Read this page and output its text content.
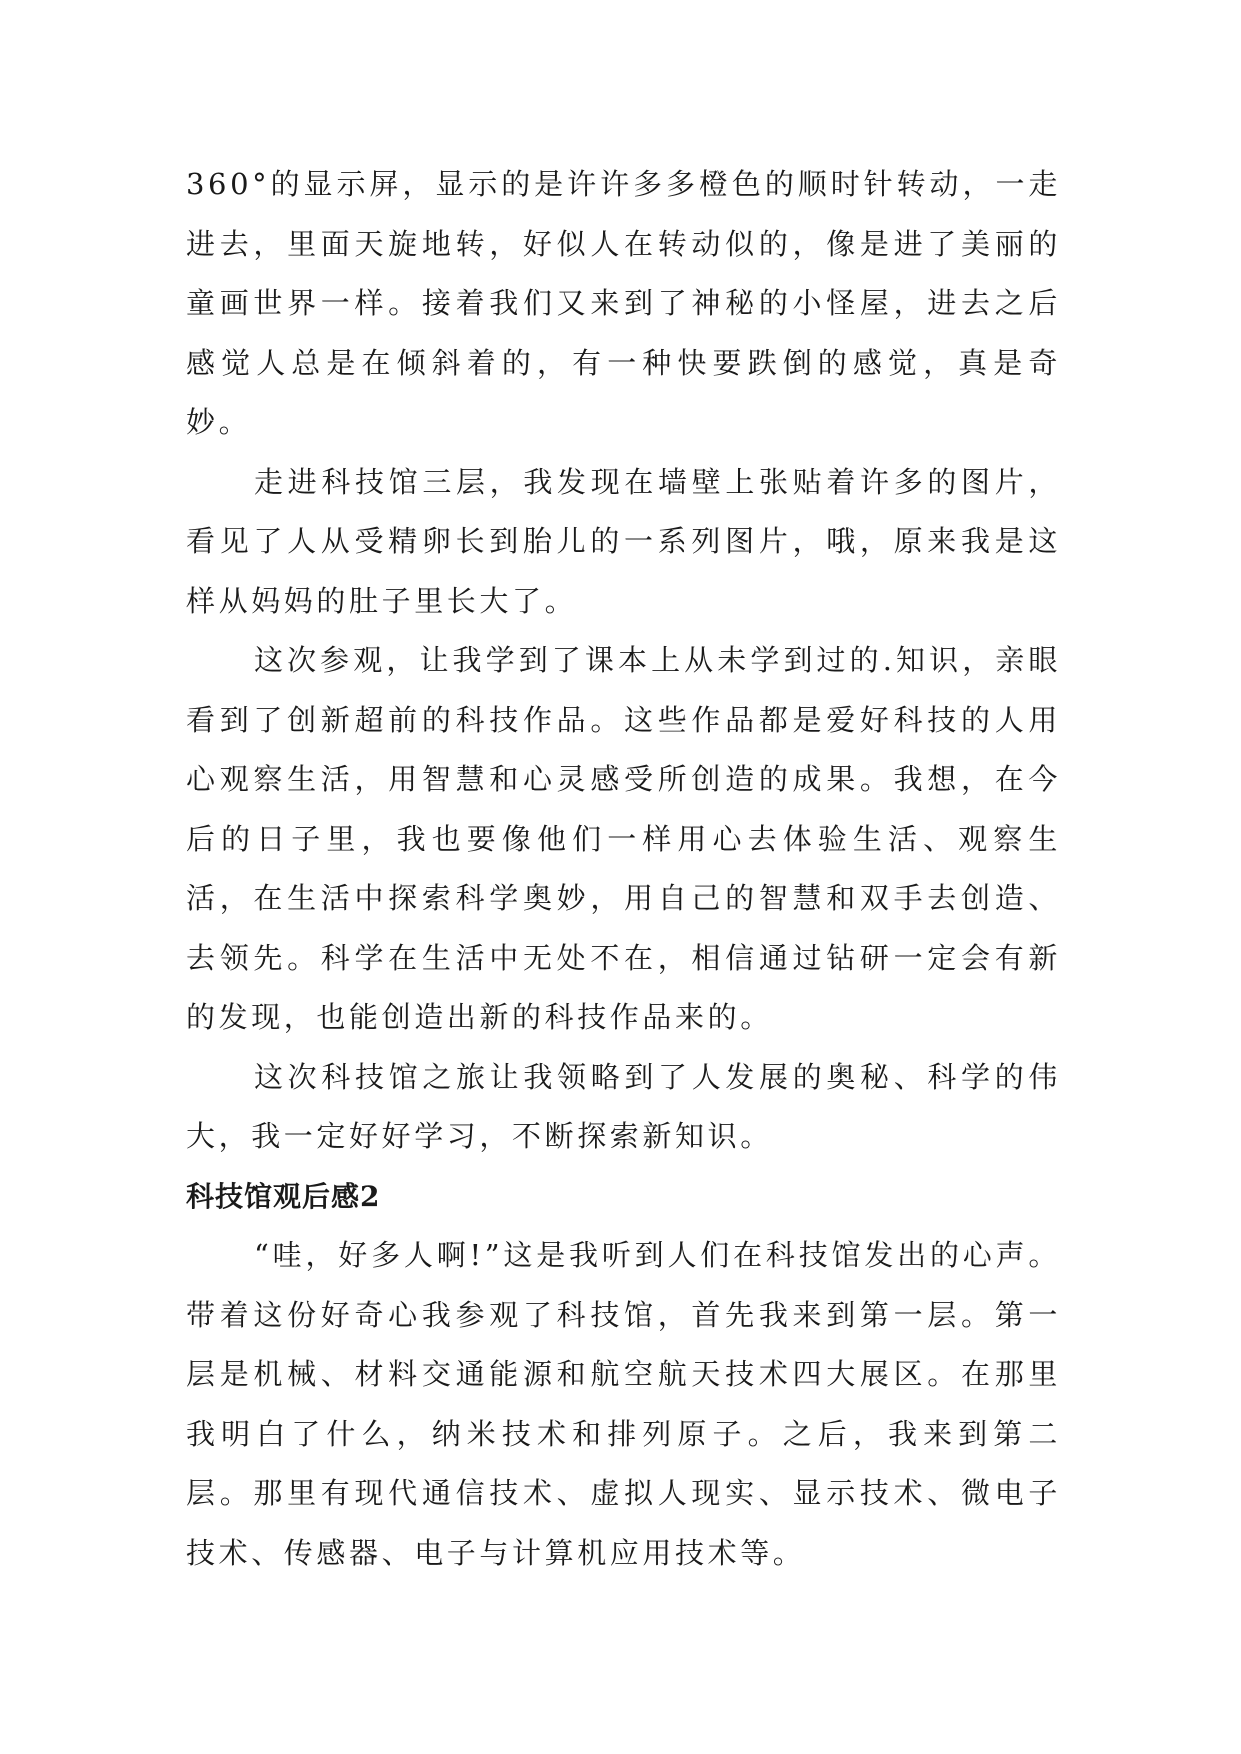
360°的显示屏，显示的是许许多多橙色的顺时针转动，一走进去，里面天旋地转，好似人在转动似的，像是进了美丽的童画世界一样。接着我们又来到了神秘的小怪屋，进去之后感觉人总是在倾斜着的，有一种快要跌倒的感觉，真是奇妙。

走进科技馆三层，我发现在墙壁上张贴着许多的图片，看见了人从受精卵长到胎儿的一系列图片，哦，原来我是这样从妈妈的肚子里长大了。

这次参观，让我学到了课本上从未学到过的.知识，亲眼看到了创新超前的科技作品。这些作品都是爱好科技的人用心观察生活，用智慧和心灵感受所创造的成果。我想，在今后的日子里，我也要像他们一样用心去体验生活、观察生活，在生活中探索科学奥妙，用自己的智慧和双手去创造、去领先。科学在生活中无处不在，相信通过钻研一定会有新的发现，也能创造出新的科技作品来的。

这次科技馆之旅让我领略到了人发展的奥秘、科学的伟大，我一定好好学习，不断探索新知识。

科技馆观后感2

“哇，好多人啊!”这是我听到人们在科技馆发出的心声。带着这份好奇心我参观了科技馆，首先我来到第一层。第一层是机械、材料交通能源和航空航天技术四大展区。在那里我明白了什么，纳米技术和排列原子。之后，我来到第二层。那里有现代通信技术、虚拟人现实、显示技术、微电子技术、传感器、电子与计算机应用技术等。
